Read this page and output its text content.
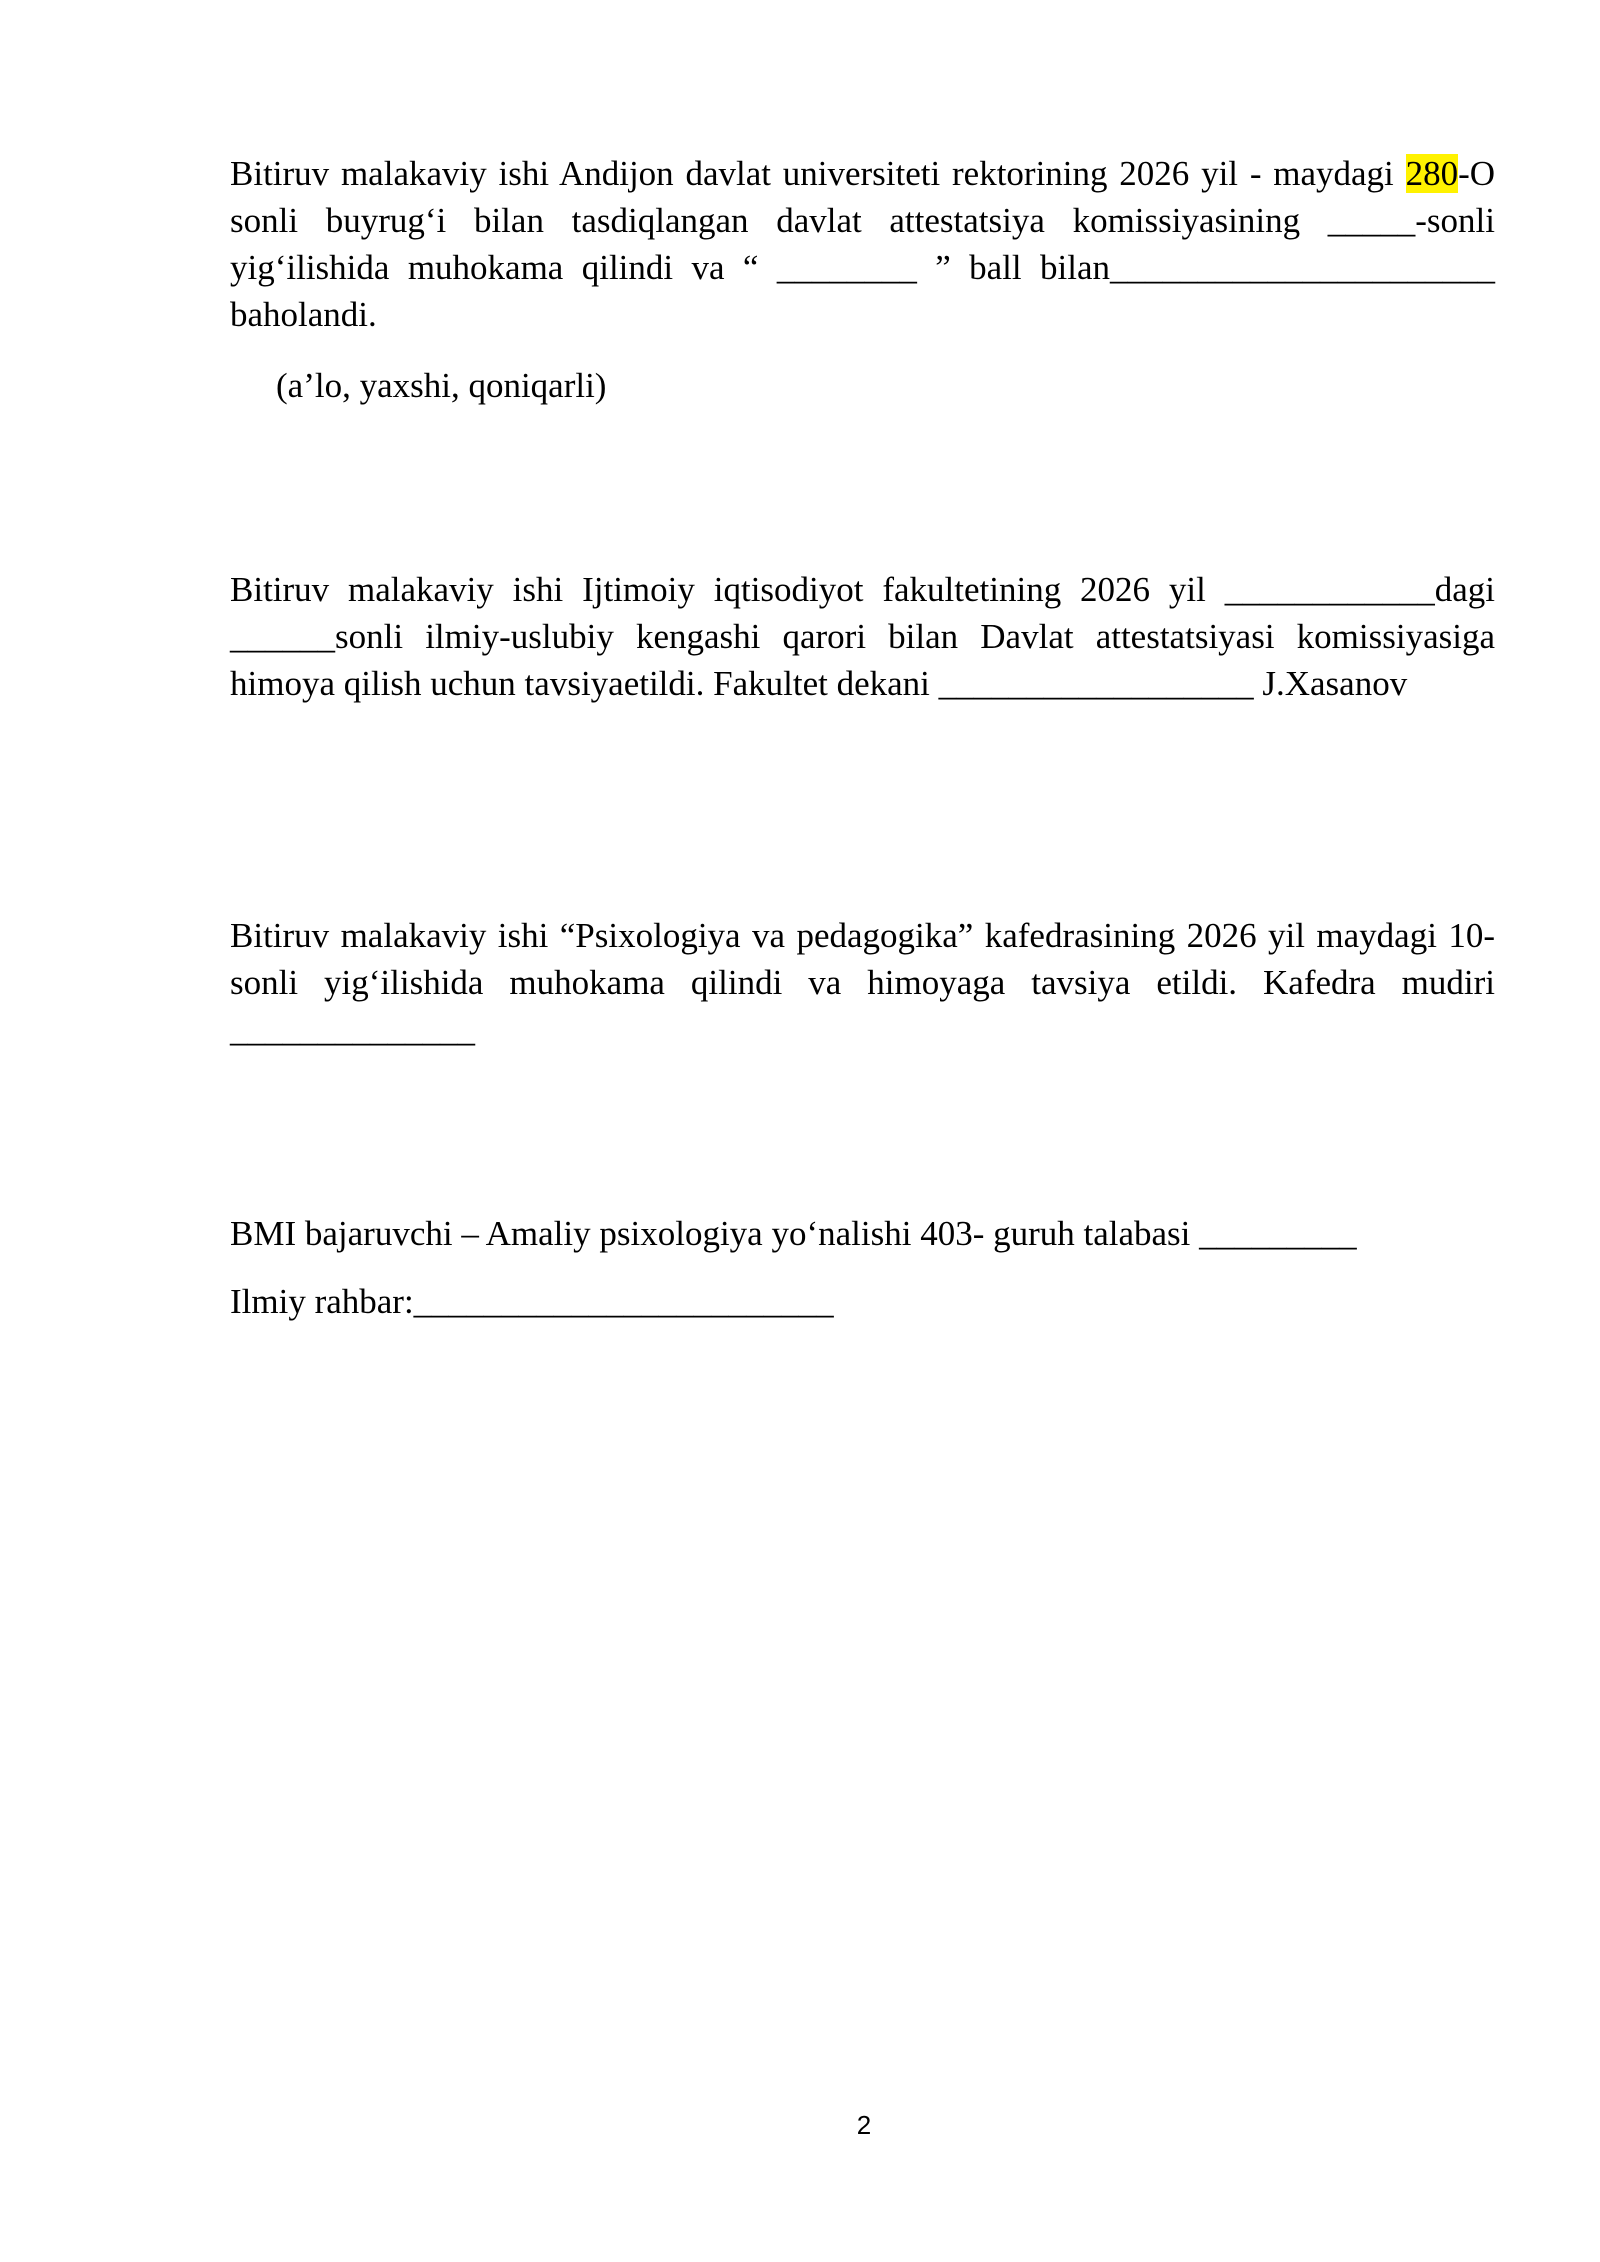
Bitiruv malakaviy ishi Andijon davlat universiteti rektorining 2026 yil - maydagi 280-O sonli buyrug‘i bilan tasdiqlangan davlat attestatsiya komissiyasining _____-sonli yig‘ilishida muhokama qilindi va “ ________ ” ball bilan______________________ baholandi.
(a’lo, yaxshi, qoniqarli)
Bitiruv malakaviy ishi Ijtimoiy iqtisodiyot fakultetining 2026 yil ____________dagi ______sonli ilmiy-uslubiy kengashi qarori bilan Davlat attestatsiyasi komissiyasiga himoya qilish uchun tavsiyaetildi. Fakultet dekani __________________ J.Xasanov
Bitiruv malakaviy ishi “Psixologiya va pedagogika” kafedrasining 2026 yil maydagi 10-sonli yig‘ilishida muhokama qilindi va himoyaga tavsiya etildi. Kafedra mudiri ______________
BMI bajaruvchi – Amaliy psixologiya yo‘nalishi 403- guruh talabasi _________
Ilmiy rahbar:________________________
2
